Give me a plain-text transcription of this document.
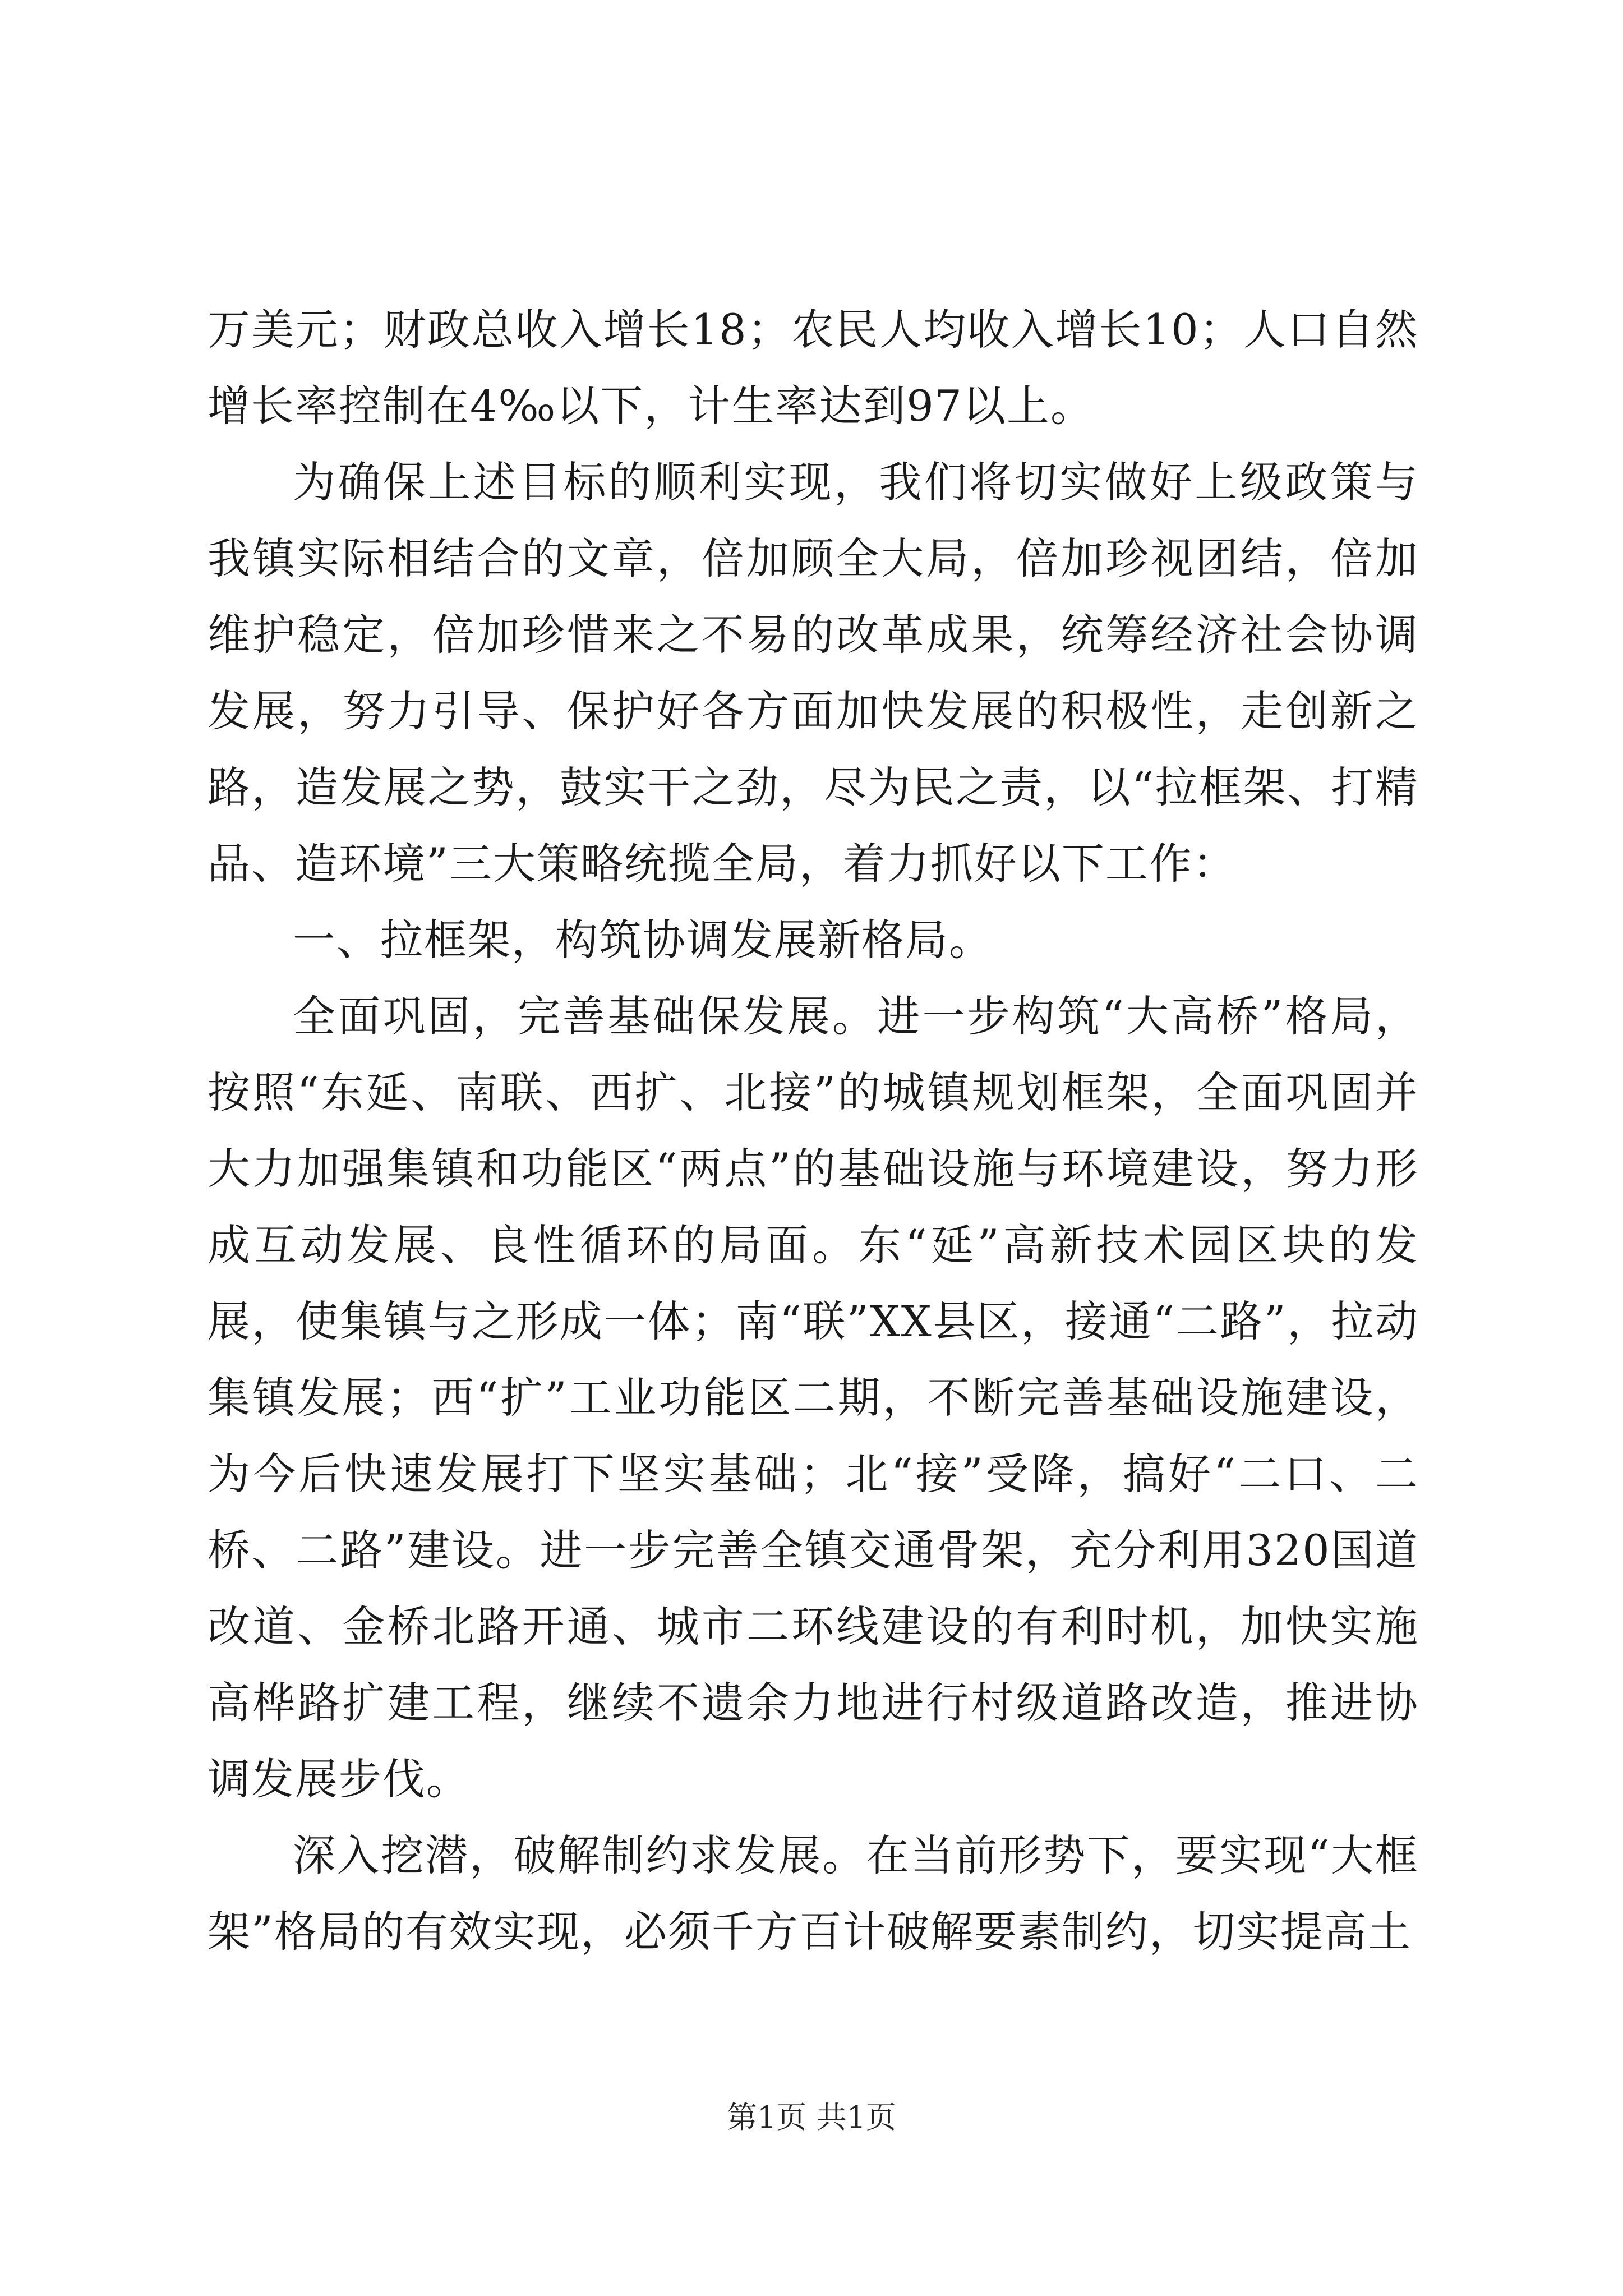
万美元；财政总收入增长18；农民人均收入增长10；人口自然增长率控制在4‰以下，计生率达到97以上。

为确保上述目标的顺利实现，我们将切实做好上级政策与我镇实际相结合的文章，倍加顾全大局，倍加珍视团结，倍加维护稳定，倍加珍惜来之不易的改革成果，统筹经济社会协调发展，努力引导、保护好各方面加快发展的积极性，走创新之路，造发展之势，鼓实干之劲，尽为民之责，以“拉框架、打精品、造环境”三大策略统揽全局，着力抓好以下工作：

一、拉框架，构筑协调发展新格局。

全面巩固，完善基础保发展。进一步构筑“大高桥”格局，按照“东延、南联、西扩、北接”的城镇规划框架，全面巩固并大力加强集镇和功能区“两点”的基础设施与环境建设，努力形成互动发展、良性循环的局面。东“延”高新技术园区块的发展，使集镇与之形成一体；南“联”XX县区，接通“二路”，拉动集镇发展；西“扩”工业功能区二期，不断完善基础设施建设，为今后快速发展打下坚实基础；北“接”受降，搞好“二口、二桥、二路”建设。进一步完善全镇交通骨架，充分利用320国道改道、金桥北路开通、城市二环线建设的有利时机，加快实施高桦路扩建工程，继续不遗余力地进行村级道路改造，推进协调发展步伐。

深入挖潜，破解制约求发展。在当前形势下，要实现“大框架”格局的有效实现，必须千方百计破解要素制约，切实提高土

第1页 共1页
